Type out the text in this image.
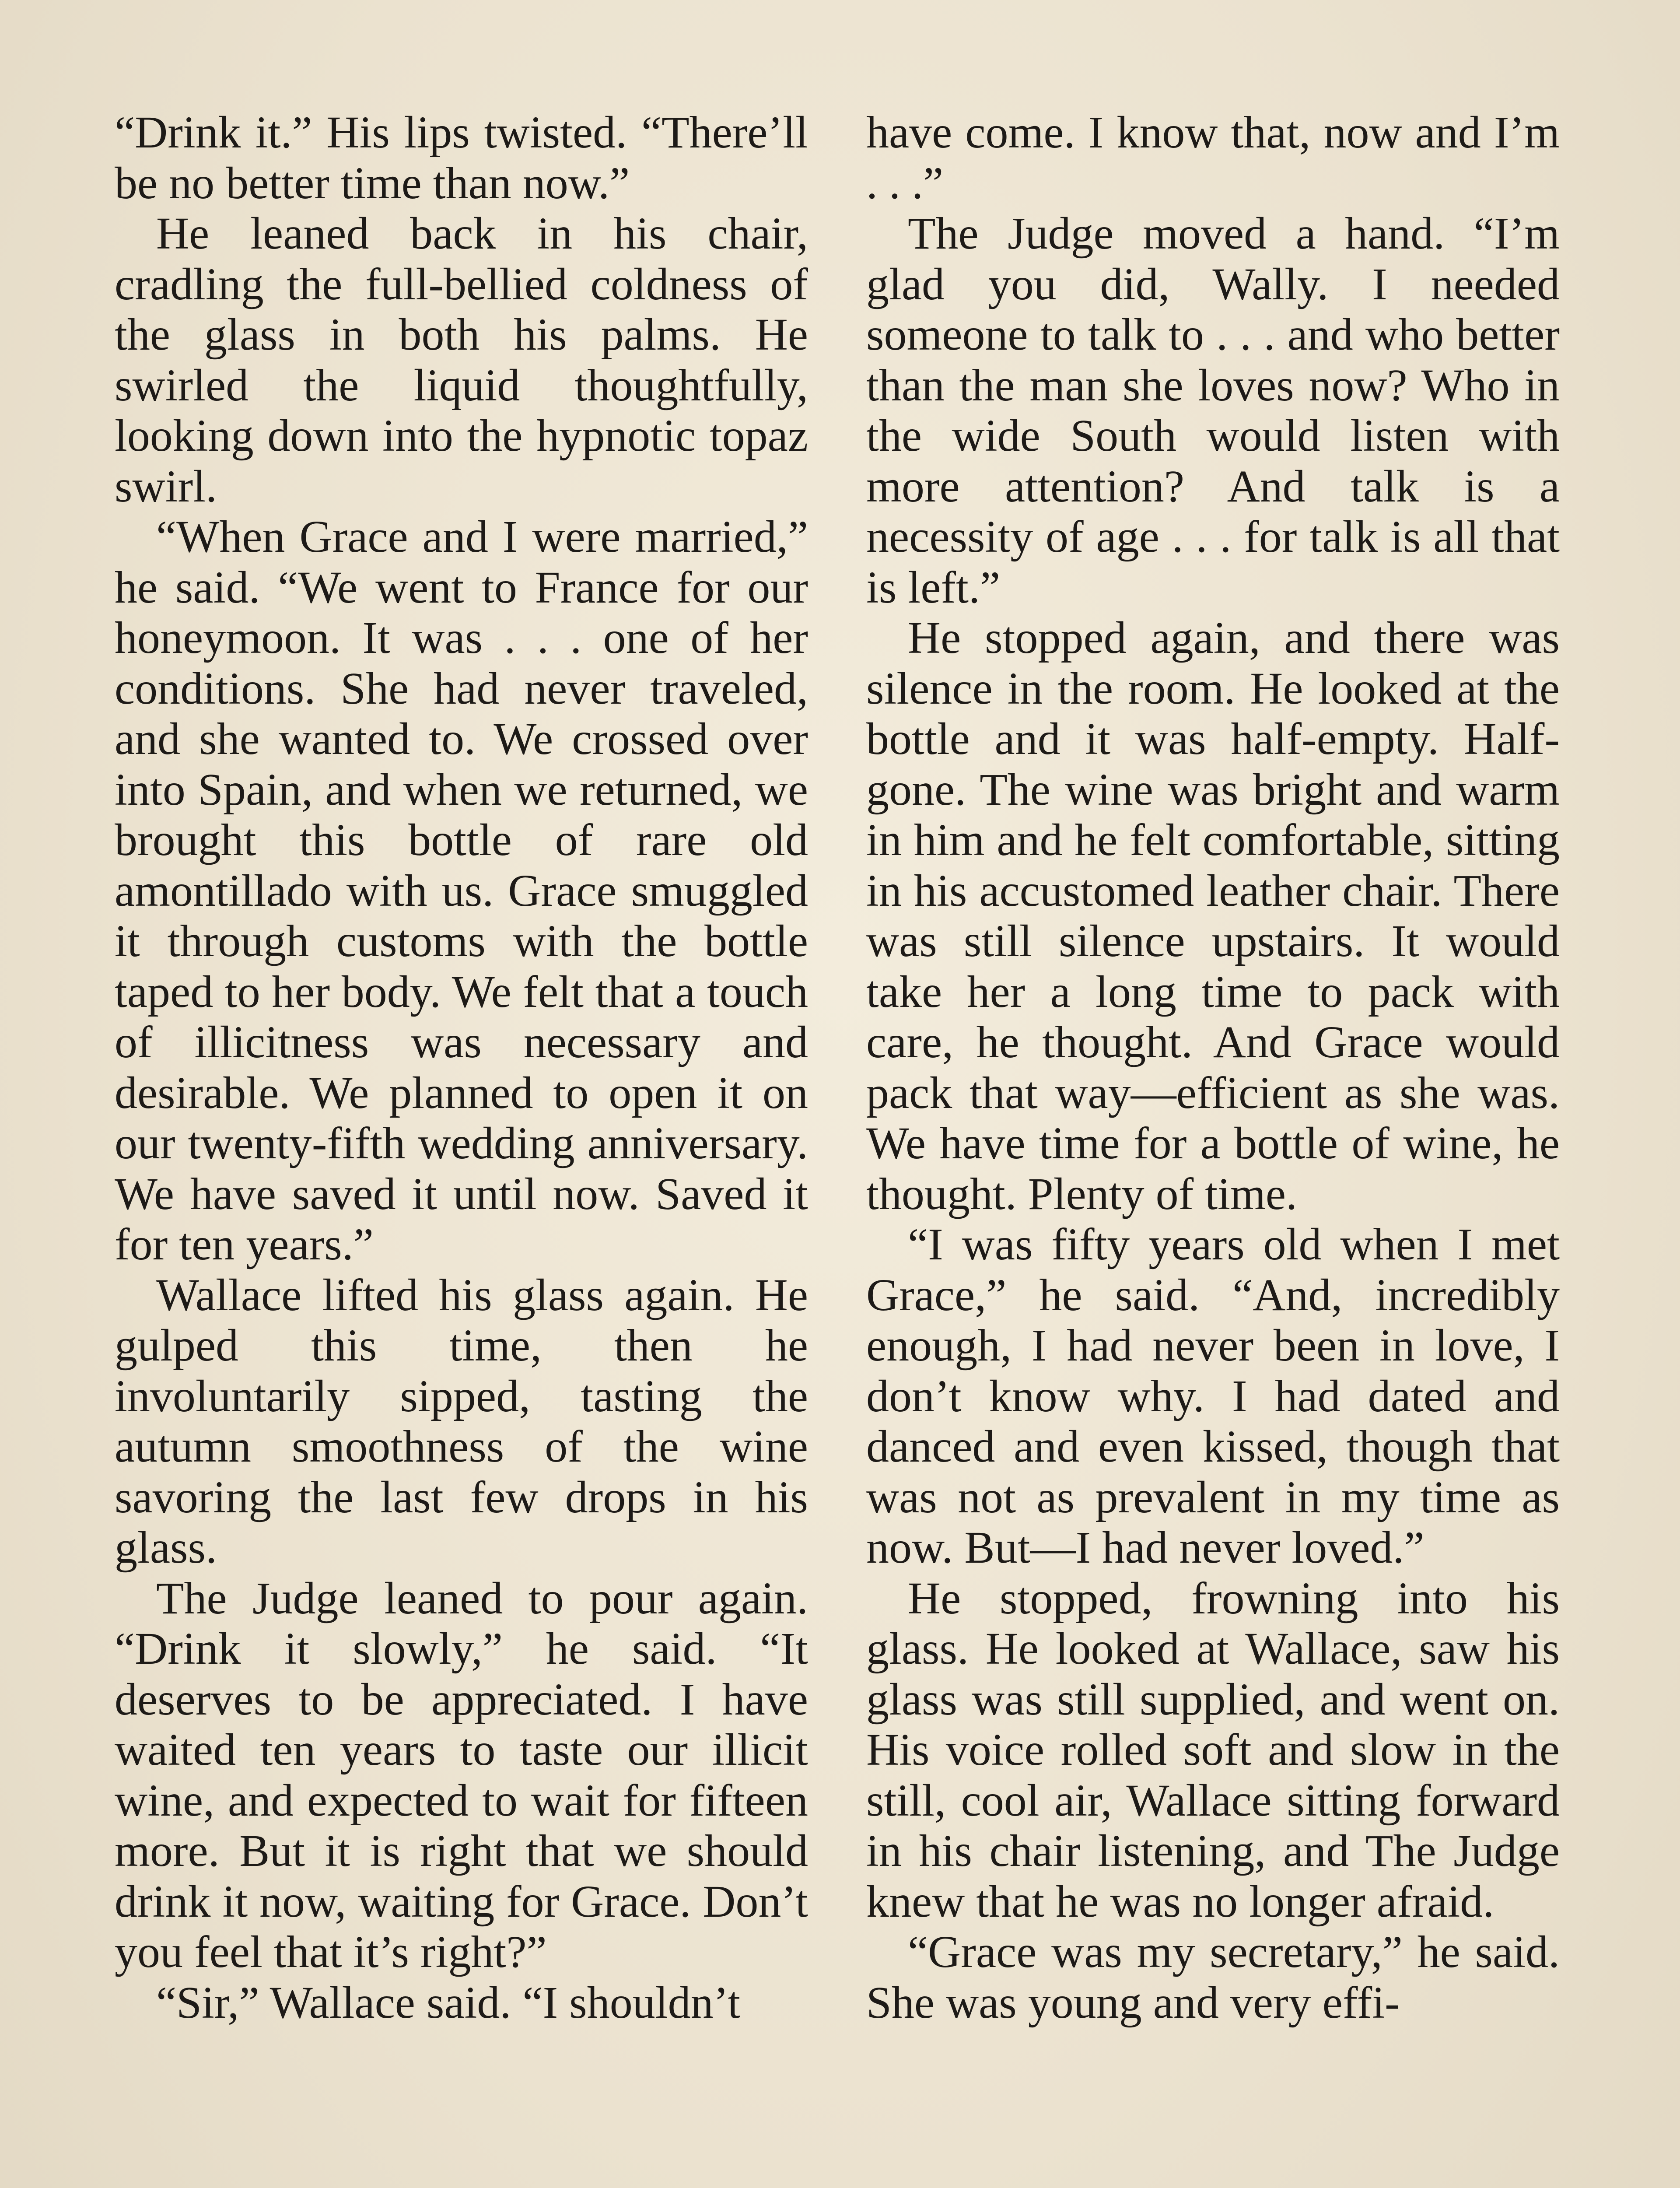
“Drink it.” His lips twisted. “There’ll be no better time than now.”

He leaned back in his chair, cradling the full-bellied coldness of the glass in both his palms. He swirled the liquid thoughtfully, looking down into the hypnotic topaz swirl.

“When Grace and I were married,” he said. “We went to France for our honeymoon. It was . . . one of her conditions. She had never traveled, and she wanted to. We crossed over into Spain, and when we returned, we brought this bottle of rare old amontillado with us. Grace smuggled it through customs with the bottle taped to her body. We felt that a touch of illicitness was necessary and desirable. We planned to open it on our twenty-fifth wedding anniversary. We have saved it until now. Saved it for ten years.”

Wallace lifted his glass again. He gulped this time, then he involuntarily sipped, tasting the autumn smoothness of the wine savoring the last few drops in his glass.

The Judge leaned to pour again. “Drink it slowly,” he said. “It deserves to be appreciated. I have waited ten years to taste our illicit wine, and expected to wait for fifteen more. But it is right that we should drink it now, waiting for Grace. Don’t you feel that it’s right?”

“Sir,” Wallace said. “I shouldn’t

have come. I know that, now and I’m . . .”

The Judge moved a hand. “I’m glad you did, Wally. I needed someone to talk to . . . and who better than the man she loves now? Who in the wide South would listen with more attention? And talk is a necessity of age . . . for talk is all that is left.”

He stopped again, and there was silence in the room. He looked at the bottle and it was half-empty. Half-gone. The wine was bright and warm in him and he felt comfortable, sitting in his accustomed leather chair. There was still silence upstairs. It would take her a long time to pack with care, he thought. And Grace would pack that way—efficient as she was. We have time for a bottle of wine, he thought. Plenty of time.

“I was fifty years old when I met Grace,” he said. “And, incredibly enough, I had never been in love, I don’t know why. I had dated and danced and even kissed, though that was not as prevalent in my time as now. But—I had never loved.”

He stopped, frowning into his glass. He looked at Wallace, saw his glass was still supplied, and went on. His voice rolled soft and slow in the still, cool air, Wallace sitting forward in his chair listening, and The Judge knew that he was no longer afraid.

“Grace was my secretary,” he said. She was young and very effi-
